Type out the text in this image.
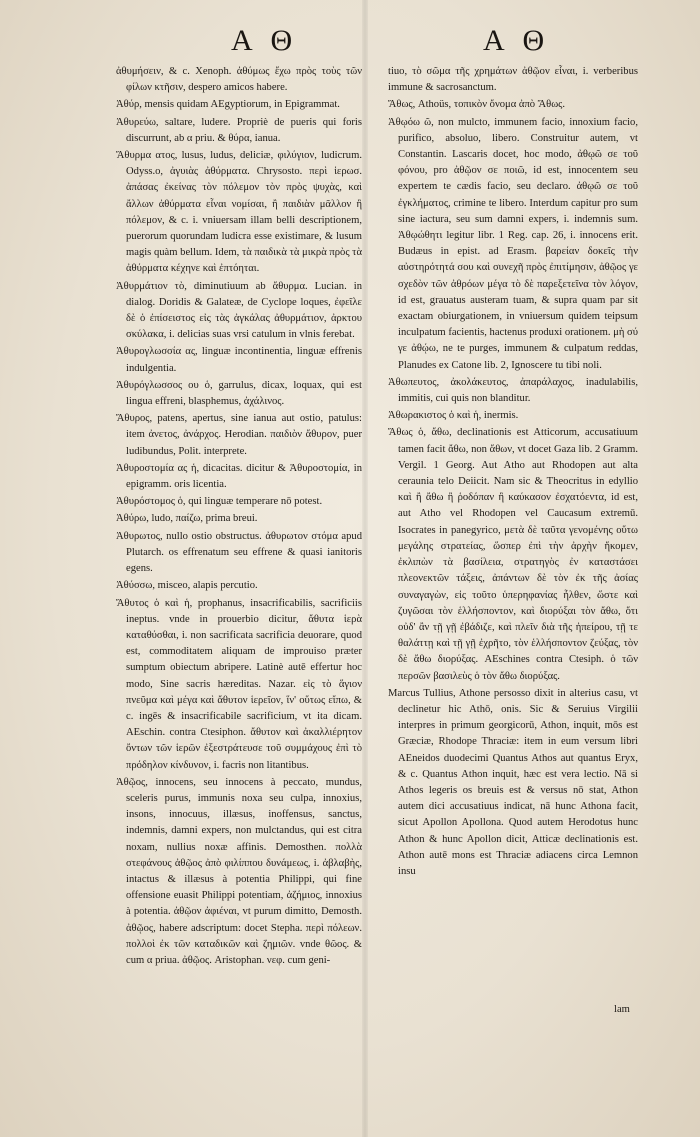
Α Θ

ἀθυμήσειν, & c. Xenoph. ἀθύμως ἔχω πρὸς τοὺς τῶν φίλων κτῆσιν, despero amicos habere.

Ἀθύρ, mensis quidam AEgyptiorum, in Epigrammat.

Ἀθυρεύω, saltare, ludere. Propriè de pueris qui foris discurrunt, ab α priu. & θύρα, ianua.

Ἄθυρμα ατος, lusus, ludus, deliciæ, φιλύγιον, ludicrum. Odyss.ο, ἀγυιὰς ἀθύρματα. Chrysosto. περὶ ἱερωσ. ἀπάσας ἐκείνας τὸν πόλεμον τὸν πρὸς ψυχὰς, καὶ ἄλλων ἀθύρματα εἶναι νομίσαι, ἢ παιδιὰν μᾶλλον ἢ πόλεμον, & c. i. vniuersam illam belli descriptionem, puerorum quorundam ludicra esse existimare, & lusum magis quàm bellum. Idem, τὰ παιδικὰ τὰ μικρὰ πρὸς τὰ ἀθύρματα κέχηνε καὶ ἐπτόηται.

Ἀθυρμάτιον τὸ, diminutiuum ab ἄθυρμα. Lucian. in dialog. Doridis & Galateæ, de Cyclope loques, ἐφεῖλε δὲ ὁ ἐπίσειστος εἰς τὰς ἀγκάλας ἀθυρμάτιον, ἀρκτου σκύλακα, i. delicias suas vrsi catulum in vlnis ferebat.

Ἀθυρογλωσσία ας, linguæ incontinentia, linguæ effrenis indulgentia.

Ἀθυρόγλωσσος ου ὁ, garrulus, dicax, loquax, qui est lingua effreni, blasphemus, ἀχάλινος.

Ἄθυρος, patens, apertus, sine ianua aut ostio, patulus: item ἀνετος, ἀνάρχος. Herodian. παιδιὸν ἄθυρον, puer ludibundus, Polit. interprete.

Ἀθυροστομία ας ἡ, dicacitas. dicitur & Ἀθυροστομία, in epigramm. oris licentia.

Ἀθυρόστομος ὁ, qui linguæ temperare nō potest.

Ἀθύρω, ludo, παίζω, prima breui.

Ἀθυρωτος, nullo ostio obstructus. ἀθυρωτον στόμα apud Plutarch. os effrenatum seu effrene & quasi ianitoris egens.

Ἀθύσσω, misceo, alapis percutio.

Ἄθυτος ὁ καὶ ἡ, prophanus, insacrificabilis, sacrificiis ineptus. vnde in prouerbio dicitur, ἄθυτα ἱερὰ καταθύσθαι, i. non sacrificata sacrificia deuorare, quod est, commoditatem aliquam de improuiso præter sumptum obiectum abripere. Latinè autē effertur hoc modo, Sine sacris hæreditas. Nazar. εἰς τὸ ἅγιον πνεῦμα καὶ μέγα καὶ ἄθυτον ἱερεῖον, ἵν' οὕτως εἴπω, & c. ingēs & insacrificabile sacrificium, vt ita dicam. AEschin. contra Ctesiphon. ἄθυτον καὶ ἀκαλλιέρητον ὄντων τῶν ἱερῶν ἐξεστράτευσε τοῦ συμμάχους ἐπὶ τὸ πρόδηλον κίνδυνον, i. facris non litantibus.

Ἀθῷος, innocens, seu innocens à peccato, mundus, sceleris purus, immunis noxa seu culpa, innoxius, insons, innocuus, illæsus, inoffensus, sanctus, indemnis, damni expers, non mulctandus, qui est citra noxam, nullius noxæ affinis. Demosthen. πολλὰ στεφάνους ἀθῷος ἀπὸ φιλίππου δυνάμεως, i. ἀβλαβὴς, intactus & illæsus à potentia Philippi, qui fine offensione euasit Philippi potentiam, ἀζήμιος, innoxius à potentia. ἀθῷον ἀφιέναι, vt purum dimitto, Demosth. ἀθῷος, habere adscriptum: docet Stepha. περὶ πόλεων. πολλοὶ ἐκ τῶν καταδικῶν καὶ ζημιῶν. vnde θῶος. & cum α priua. ἀθῷος. Aristophan. νεφ. cum geni-

Α Θ

tiuo, τὸ σῶμα τῆς χρημάτων ἀθῷον εἶναι, i. verberibus immune & sacrosanctum.

Ἄθως, Athoüs, τοπικὸν ὄνομα ἀπὸ Ἄθως.

Ἀθῳόω ῶ, non mulcto, immunem facio, innoxium facio, purifico, absoluo, libero. Construitur autem, vt Constantin. Lascaris docet, hoc modo, ἀθῳῶ σε τοῦ φόνου, pro ἀθῷον σε ποιῶ, id est, innocentem seu expertem te cædis facio, seu declaro. ἀθῳῶ σε τοῦ ἐγκλήματος, crimine te libero. Interdum capitur pro sum sine iactura, seu sum damni expers, i. indemnis sum. Ἀθῳώθητι legitur libr. 1 Reg. cap. 26, i. innocens erit. Budæus in epist. ad Erasm. βαρείαν δοκεῖς τὴν αὐστηρότητά σου καὶ συνεχῆ πρὸς ἐπιτίμησιν, ἀθῷος γε σχεδὸν τῶν ἀθρόων μέγα τὸ δὲ παρεξετεῖνα τὸν λόγον, id est, grauatus austeram tuam, & supra quam par sit exactam obiurgationem, in vniuersum quidem teipsum inculpatum facientis, hactenus produxi orationem. μὴ σύ γε ἀθῴω, ne te purges, immunem & culpatum reddas, Planudes ex Catone lib. 2, Ignoscere tu tibi noli.

Ἀθωπευτος, ἀκολάκευτος, ἀπαράλαχος, inadulabilis, immitis, cui quis non blanditur.

Ἀθωρακιστος ὁ καὶ ἡ, inermis.

Ἄθως ὁ, ἄθω, declinationis est Atticorum, accusatiuum tamen facit ἄθω, non ἄθων, vt docet Gaza lib. 2 Gramm. Vergil. 1 Georg. Aut Atho aut Rhodopen aut alta ceraunia telo Deiicit. Nam sic & Theocritus in edyllio καὶ ἢ ἄθω ἢ ῥοδόπαν ἢ καύκασον ἐσχατόεντα, id est, aut Atho vel Rhodopen vel Caucasum extremū. Isocrates in panegyrico, μετὰ δὲ ταῦτα γενομένης οὕτω μεγάλης στρατείας, ὥσπερ ἐπὶ τὴν ἀρχὴν ἥκομεν, ἐκλιπὼν τὰ βασίλεια, στρατηγὸς ἐν καταστάσει πλεονεκτῶν τάξεις, ἀπάντων δὲ τὸν ἐκ τῆς ἀσίας συναγαγὼν, εἰς τοῦτο ὑπερηφανίας ἦλθεν, ὥστε καὶ ζυγῶσαι τὸν ἑλλήσποντον, καὶ διορύξαι τὸν ἄθω, ὅτι οὐδ' ἂν τῇ γῇ ἐβάδιζε, καὶ πλεῖν διὰ τῆς ἠπείρου, τῇ τε θαλάττῃ καὶ τῇ γῇ ἐχρῆτο, τὸν ἑλλήσποντον ζεύξας, τὸν δὲ ἄθω διορύξας. AEschines contra Ctesiph. ὁ τῶν περσῶν βασιλεὺς ὁ τὸν ἄθω διορύξας.

Marcus Tullius, Athone persosso dixit in alterius casu, vt declinetur hic Athō, onis. Sic & Seruius Virgilii interpres in primum georgicorū, Athon, inquit, mōs est Græciæ, Rhodope Thraciæ: item in eum versum libri AEneidos duodecimi Quantus Athos aut quantus Eryx, & c. Quantus Athon inquit, hæc est vera lectio. Nā si Athos legeris os breuis est & versus nō stat, Athon autem dici accusatiuus indicat, nā hunc Athona facit, sicut Apollon Apollona. Quod autem Herodotus hunc Athon & hunc Apollon dicit, Atticæ declinationis est. Athon autē mons est Thraciæ adiacens circa Lemnon insu

lam
